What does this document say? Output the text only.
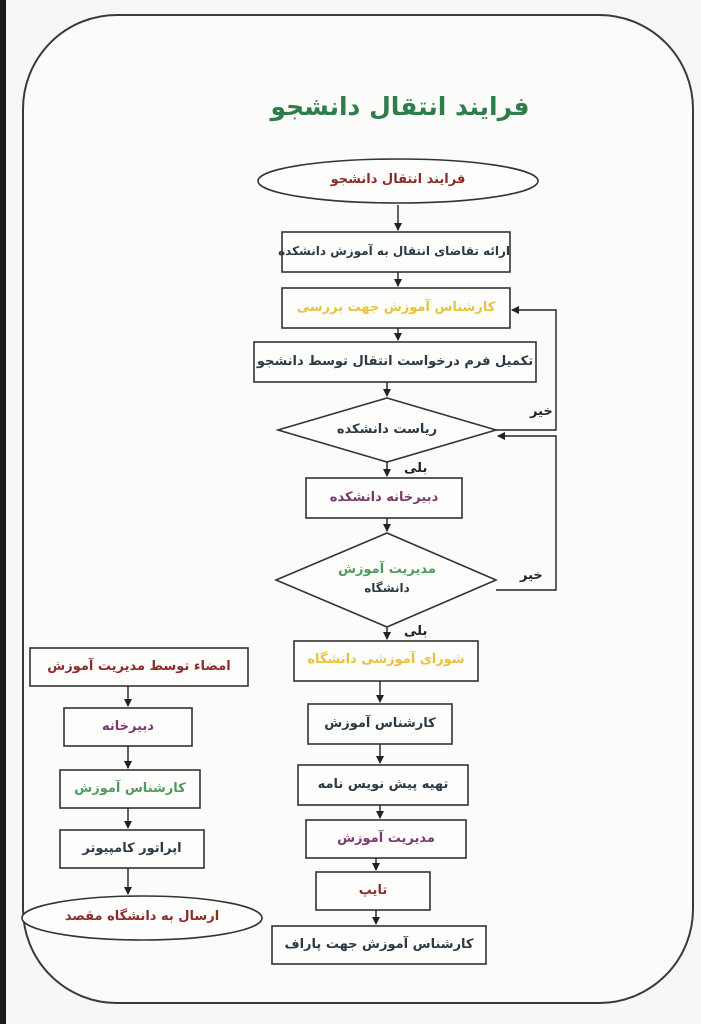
فرایند انتقال دانشجو
فرایند انتقال دانشجو
ارائه تقاضای انتقال به آموزش دانشکده
کارشناس آموزش جهت بررسی
تکمیل فرم درخواست انتقال توسط دانشجو
ریاست دانشکده
دبیرخانه دانشکده
مدیریت آموزش
دانشگاه
شورای آموزشی دانشگاه
کارشناس آموزش
تهیه پیش نویس نامه
مدیریت آموزش
تایپ
کارشناس آموزش جهت پاراف
امضاء توسط مدیریت آموزش
دبیرخانه
کارشناس آموزش
اپراتور کامپیوتر
ارسال به دانشگاه مقصد
خیر
بلی
خیر
بلی
